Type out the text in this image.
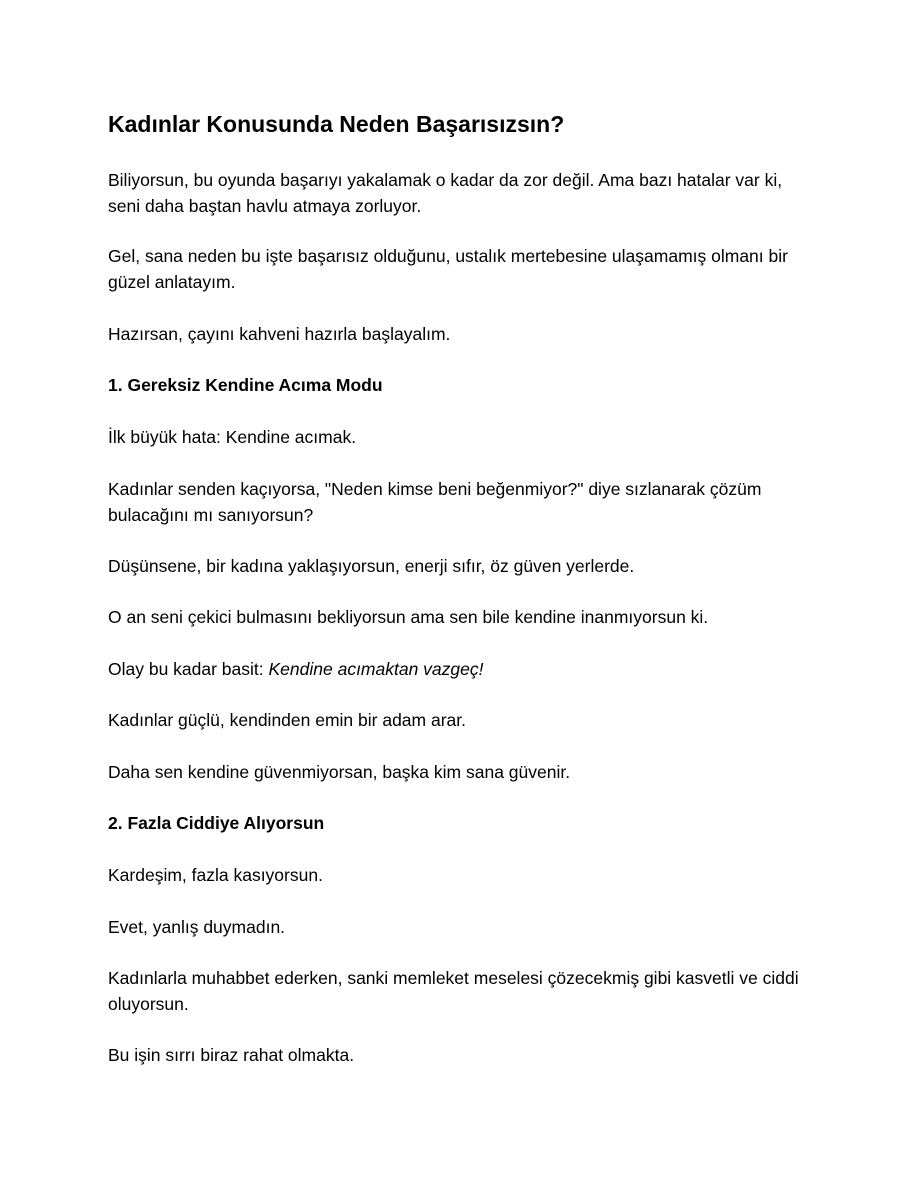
Kadınlar Konusunda Neden Başarısızsın?

Biliyorsun, bu oyunda başarıyı yakalamak o kadar da zor değil. Ama bazı hatalar var ki, seni daha baştan havlu atmaya zorluyor.

Gel, sana neden bu işte başarısız olduğunu, ustalık mertebesine ulaşamamış olmanı bir güzel anlatayım.

Hazırsan, çayını kahveni hazırla başlayalım.

1. Gereksiz Kendine Acıma Modu

İlk büyük hata: Kendine acımak.

Kadınlar senden kaçıyorsa, "Neden kimse beni beğenmiyor?" diye sızlanarak çözüm bulacağını mı sanıyorsun?

Düşünsene, bir kadına yaklaşıyorsun, enerji sıfır, öz güven yerlerde.

O an seni çekici bulmasını bekliyorsun ama sen bile kendine inanmıyorsun ki.

Olay bu kadar basit: Kendine acımaktan vazgeç!

Kadınlar güçlü, kendinden emin bir adam arar.

Daha sen kendine güvenmiyorsan, başka kim sana güvenir.

2. Fazla Ciddiye Alıyorsun

Kardeşim, fazla kasıyorsun.

Evet, yanlış duymadın.

Kadınlarla muhabbet ederken, sanki memleket meselesi çözecekmiş gibi kasvetli ve ciddi oluyorsun.

Bu işin sırrı biraz rahat olmakta.
